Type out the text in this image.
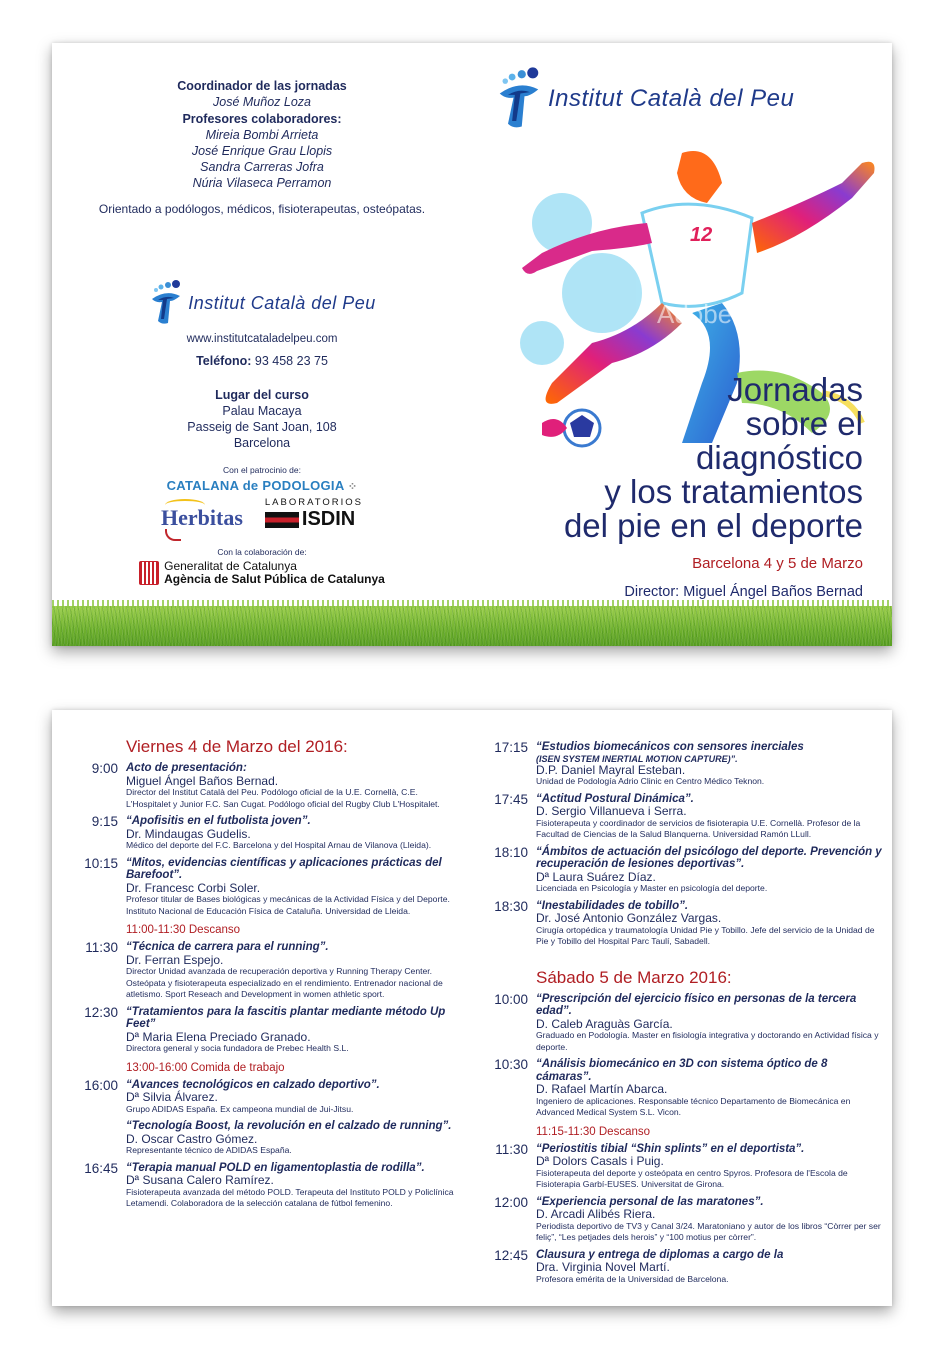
Coordinador de las jornadas
José Muñoz Loza
Profesores colaboradores:
Mireia Bombi Arrieta
José Enrique Grau Llopis
Sandra Carreras Jofra
Núria Vilaseca Perramon
Orientado a podólogos, médicos, fisioterapeutas, osteópatas.
Institut Català del Peu
www.institutcataladelpeu.com
Teléfono: 93 458 23 75
Lugar del curso
Palau Macaya
Passeig de Sant Joan, 108
Barcelona
Con el patrocinio de:
CATALANA de PODOLOGIA ⁘
Herbitas
LABORATORIOS
ISDIN
Con la colaboración de:
Generalitat de Catalunya
Agència de Salut Pública de Catalunya
Institut Català del Peu
12
Adobe Stock
Jornadas
sobre el
diagnóstico
y los tratamientos
del pie en el deporte
Barcelona 4 y 5 de Marzo
Director: Miguel Ángel Baños Bernad
Viernes 4 de Marzo del 2016:
9:00 Acto de presentación:
Miguel Ángel Baños Bernad.
Director del Institut Català del Peu. Podólogo oficial de la U.E. Cornellà, C.E. L'Hospitalet y Junior F.C. San Cugat. Podólogo oficial del Rugby Club L'Hospitalet.
9:15 “Apofisitis en el futbolista joven”.
Dr. Mindaugas Gudelis.
Médico del deporte del F.C. Barcelona y del Hospital Arnau de Vilanova (Lleida).
10:15 “Mitos, evidencias científicas y aplicaciones prácticas del Barefoot”.
Dr. Francesc Corbi Soler.
Profesor titular de Bases biológicas y mecánicas de la Actividad Física y del Deporte. Instituto Nacional de Educación Física de Cataluña. Universidad de Lleida.
11:00-11:30 Descanso
11:30 “Técnica de carrera para el running”.
Dr. Ferran Espejo.
Director Unidad avanzada de recuperación deportiva y Running Therapy Center. Osteópata y fisioterapeuta especializado en el rendimiento. Entrenador nacional de atletismo. Sport Reseach and Development in women athletic sport.
12:30 “Tratamientos para la fascitis plantar mediante método Up Feet”
Dª Maria Elena Preciado Granado.
Directora general y socia fundadora de Prebec Health S.L.
13:00-16:00 Comida de trabajo
16:00 “Avances tecnológicos en calzado deportivo”.
Dª Silvia Álvarez.
Grupo ADIDAS España. Ex campeona mundial de Jui-Jitsu.
“Tecnología Boost, la revolución en el calzado de running”.
D. Oscar Castro Gómez.
Representante técnico de ADIDAS España.
16:45 “Terapia manual POLD en ligamentoplastia de rodilla”.
Dª Susana Calero Ramírez.
Fisioterapeuta avanzada del método POLD. Terapeuta del Instituto POLD y Policlínica Letamendi. Colaboradora de la selección catalana de fútbol femenino.
17:15 “Estudios biomecánicos con sensores inerciales
(ISEN SYSTEM INERTIAL MOTION CAPTURE)”.
D.P. Daniel Mayral Esteban.
Unidad de Podología Adrio Clinic en Centro Médico Teknon.
17:45 “Actitud Postural Dinámica”.
D. Sergio Villanueva i Serra.
Fisioterapeuta y coordinador de servicios de fisioterapia U.E. Cornellà. Profesor de la Facultad de Ciencias de la Salud Blanquerna. Universidad Ramón LLull.
18:10 “Ámbitos de actuación del psicólogo del deporte. Prevención y recuperación de lesiones deportivas”.
Dª Laura Suárez Díaz.
Licenciada en Psicología y Master en psicología del deporte.
18:30 “Inestabilidades de tobillo”.
Dr. José Antonio González Vargas.
Cirugía ortopédica y traumatología Unidad Pie y Tobillo. Jefe del servicio de la Unidad de Pie y Tobillo del Hospital Parc Taulí, Sabadell.
Sábado 5 de Marzo 2016:
10:00 “Prescripción del ejercicio físico en personas de la tercera edad”.
D. Caleb Araguàs García.
Graduado en Podología. Master en fisiología integrativa y doctorando en Actividad física y deporte.
10:30 “Análisis biomecánico en 3D con sistema óptico de 8 cámaras”.
D. Rafael Martín Abarca.
Ingeniero de aplicaciones. Responsable técnico Departamento de Biomecánica en Advanced Medical System S.L. Vicon.
11:15-11:30 Descanso
11:30 “Periostitis tibial “Shin splints” en el deportista”.
Dª Dolors Casals i Puig.
Fisioterapeuta del deporte y osteópata en centro Spyros. Profesora de l'Escola de Fisioterapia Garbí-EUSES. Universitat de Girona.
12:00 “Experiencia personal de las maratones”.
D. Arcadi Alibés Riera.
Periodista deportivo de TV3 y Canal 3/24. Maratoniano y autor de los libros “Còrrer per ser feliç”, “Les petjades dels herois” y “100 motius per còrrer”.
12:45 Clausura y entrega de diplomas a cargo de la
Dra. Virginia Novel Martí.
Profesora emérita de la Universidad de Barcelona.
